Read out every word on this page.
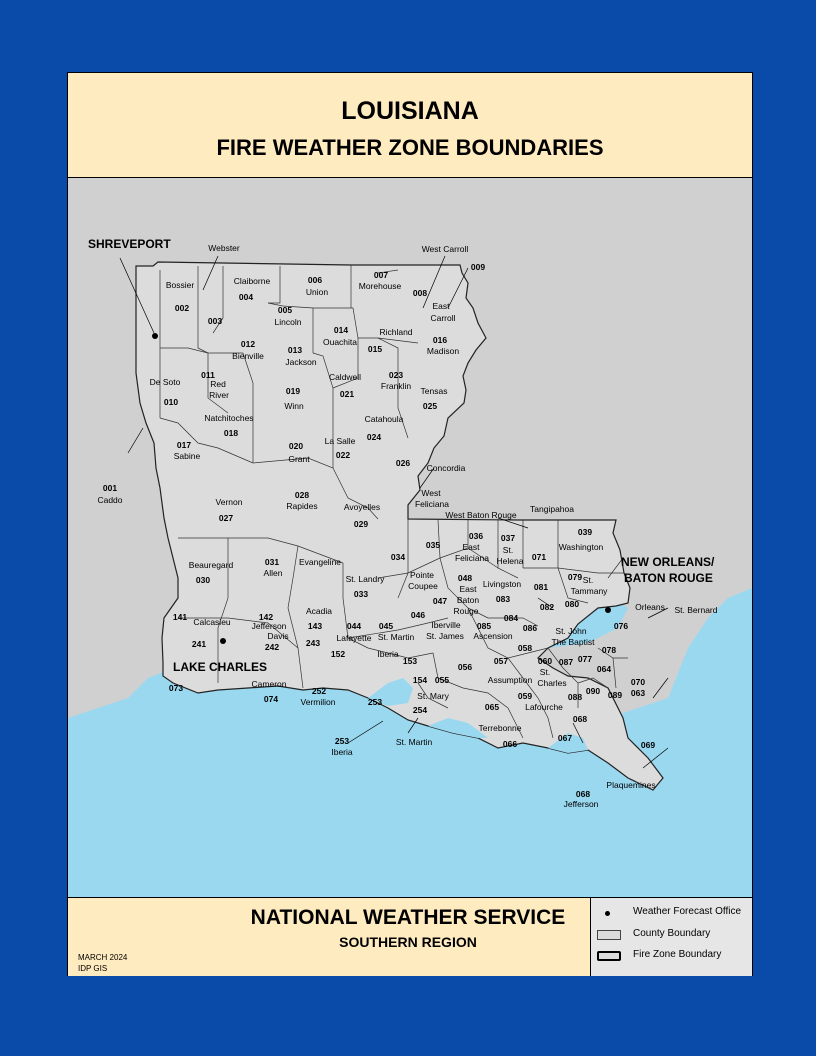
LOUISIANA
FIRE WEATHER ZONE BOUNDARIES
SHREVEPORT
LAKE CHARLES
NEW ORLEANS/
BATON ROUGE
001
Caddo
Bossier
002
Webster
003
Claiborne
004
005
Lincoln
006
Union
007
Morehouse
008
West Carroll
009
East
Carroll
De Soto
010
011
Red
River
012
Bienville
013
Jackson
014
Ouachita
Richland
015
016
Madison
Natchitoches
018
019
Winn
Caldwell
021
023
Franklin Tensas
025
017
Sabine
020
Grant
La Salle
022
Catahoula
024
026 Concordia
Vernon
027
028
Rapides	Avoyelles
029
West
Feliciana
West Baton Rouge
Tangipahoa
035
036
East
Feliciana
037
St.
Helena 071
039
Washington
Beauregard
030
031
Allen
Evangeline	034
Pointe
Coupee
St. Landry
033
048
East
Baton
Rouge
Livingston
083
081
079 St.
Tammany
047
141 Calcasieu	142
Jefferson
Davis
Acadia
143
046
045
St. Martin
Iberville
St. James Ascension
084
085
082 080
086 St. John
The Baptist
Orleans St. Bernard
076
078
241	242	243
044
Lafayette
152	Iberia
153
058
057
056
060
St.
Charles
087 077
064
073	Cameron
074
252
Vermilion	253
154 055
St. Mary
254
Assumption
065
059
Lafourche
088
090 089
070
063
068
253
Iberia
St. Martin
Terrebonne
066
067
069
Plaquemines
068
Jefferson
NATIONAL WEATHER SERVICE
SOUTHERN REGION
MARCH 2024
IDP GIS
Weather Forecast Office
County Boundary
Fire Zone Boundary
